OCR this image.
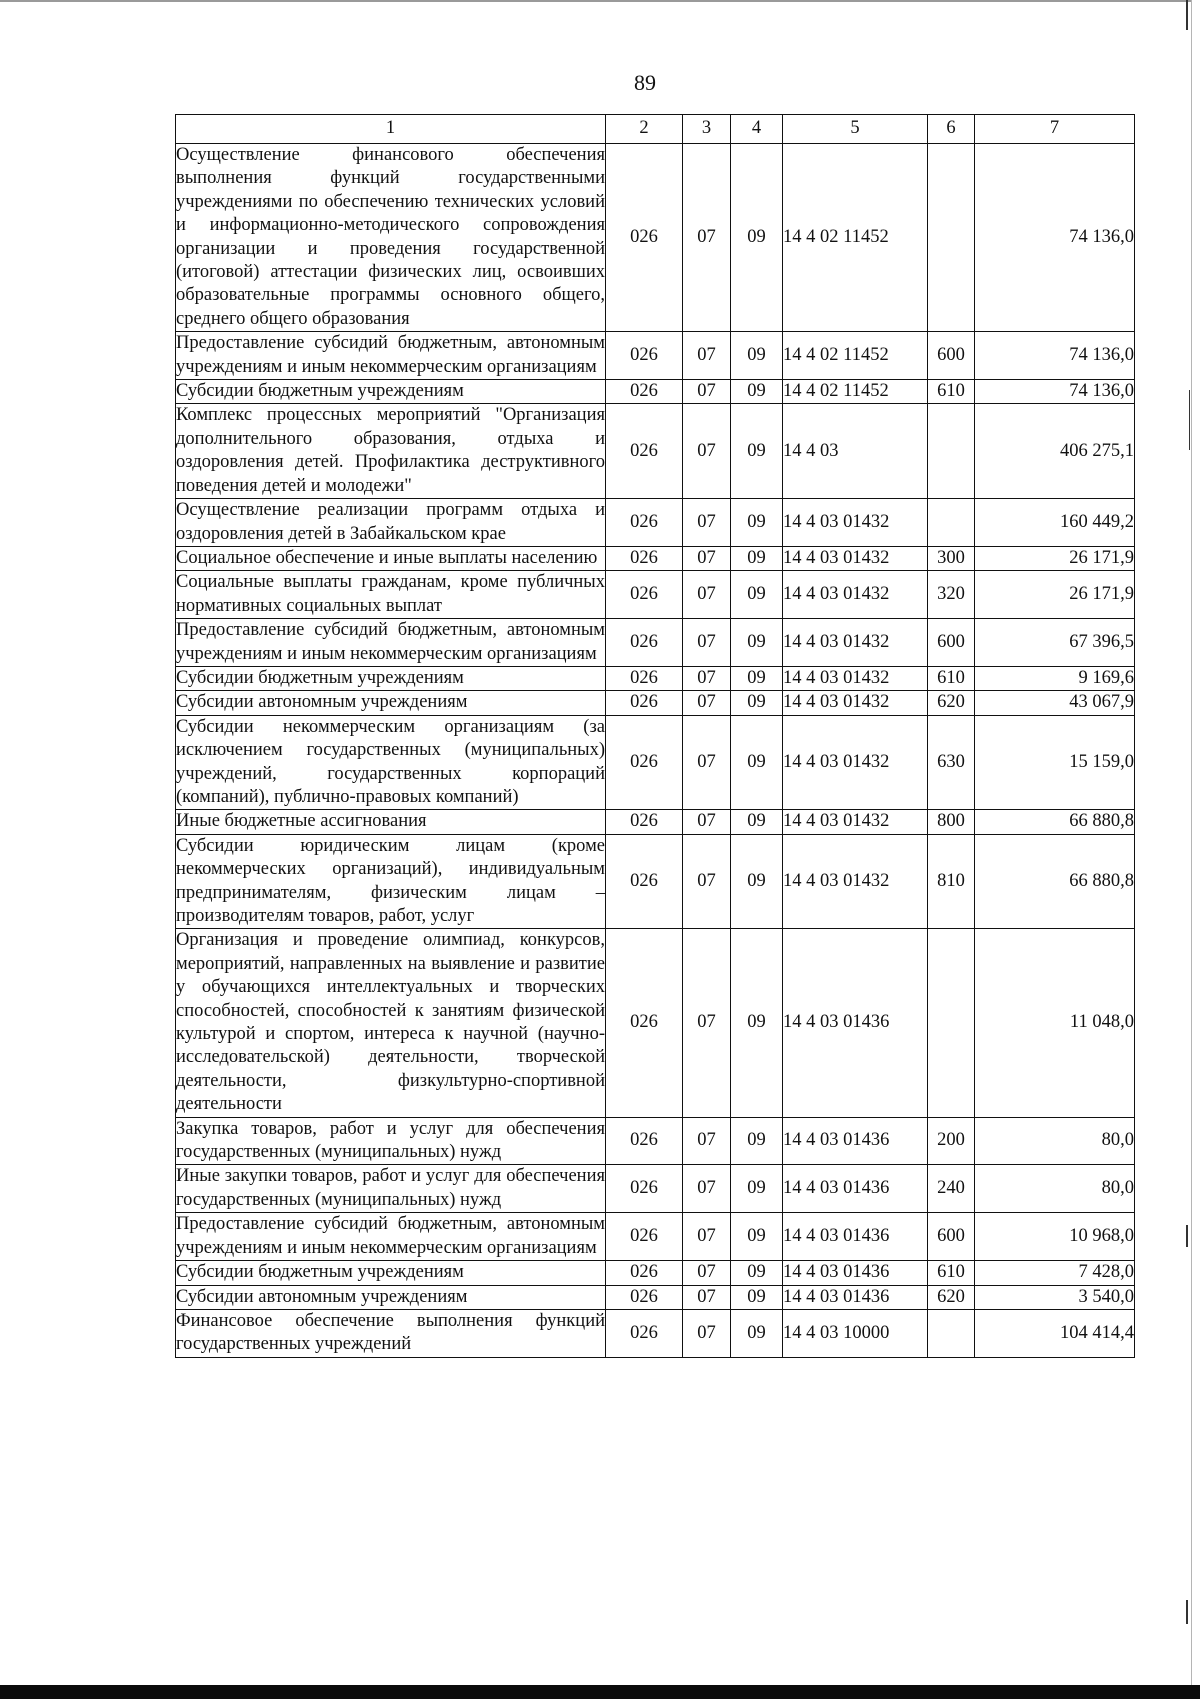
89
1	2	3	4	5	6	7
Осуществление финансового обеспечения выполнения функций государственными учреждениями по обеспечению технических условий и информационно-методического сопровождения организации и проведения государственной (итоговой) аттестации физических лиц, освоивших образовательные программы основного общего, среднего общего образования	026	07	09	14 4 02 11452		74 136,0
Предоставление субсидий бюджетным, автономным учреждениям и иным некоммерческим организациям	026	07	09	14 4 02 11452	600	74 136,0
Субсидии бюджетным учреждениям	026	07	09	14 4 02 11452	610	74 136,0
Комплекс процессных мероприятий "Организация дополнительного образования, отдыха и оздоровления детей. Профилактика деструктивного поведения детей и молодежи"	026	07	09	14 4 03		406 275,1
Осуществление реализации программ отдыха и оздоровления детей в Забайкальском крае	026	07	09	14 4 03 01432		160 449,2
Социальное обеспечение и иные выплаты населению	026	07	09	14 4 03 01432	300	26 171,9
Социальные выплаты гражданам, кроме публичных нормативных социальных выплат	026	07	09	14 4 03 01432	320	26 171,9
Предоставление субсидий бюджетным, автономным учреждениям и иным некоммерческим организациям	026	07	09	14 4 03 01432	600	67 396,5
Субсидии бюджетным учреждениям	026	07	09	14 4 03 01432	610	9 169,6
Субсидии автономным учреждениям	026	07	09	14 4 03 01432	620	43 067,9
Субсидии некоммерческим организациям (за исключением государственных (муниципальных) учреждений, государственных корпораций (компаний), публично-правовых компаний)	026	07	09	14 4 03 01432	630	15 159,0
Иные бюджетные ассигнования	026	07	09	14 4 03 01432	800	66 880,8
Субсидии юридическим лицам (кроме некоммерческих организаций), индивидуальным предпринимателям, физическим лицам – производителям товаров, работ, услуг	026	07	09	14 4 03 01432	810	66 880,8
Организация и проведение олимпиад, конкурсов, мероприятий, направленных на выявление и развитие у обучающихся интеллектуальных и творческих способностей, способностей к занятиям физической культурой и спортом, интереса к научной (научно-исследовательской) деятельности, творческой деятельности, физкультурно-спортивной деятельности	026	07	09	14 4 03 01436		11 048,0
Закупка товаров, работ и услуг для обеспечения государственных (муниципальных) нужд	026	07	09	14 4 03 01436	200	80,0
Иные закупки товаров, работ и услуг для обеспечения государственных (муниципальных) нужд	026	07	09	14 4 03 01436	240	80,0
Предоставление субсидий бюджетным, автономным учреждениям и иным некоммерческим организациям	026	07	09	14 4 03 01436	600	10 968,0
Субсидии бюджетным учреждениям	026	07	09	14 4 03 01436	610	7 428,0
Субсидии автономным учреждениям	026	07	09	14 4 03 01436	620	3 540,0
Финансовое обеспечение выполнения функций государственных учреждений	026	07	09	14 4 03 10000		104 414,4
